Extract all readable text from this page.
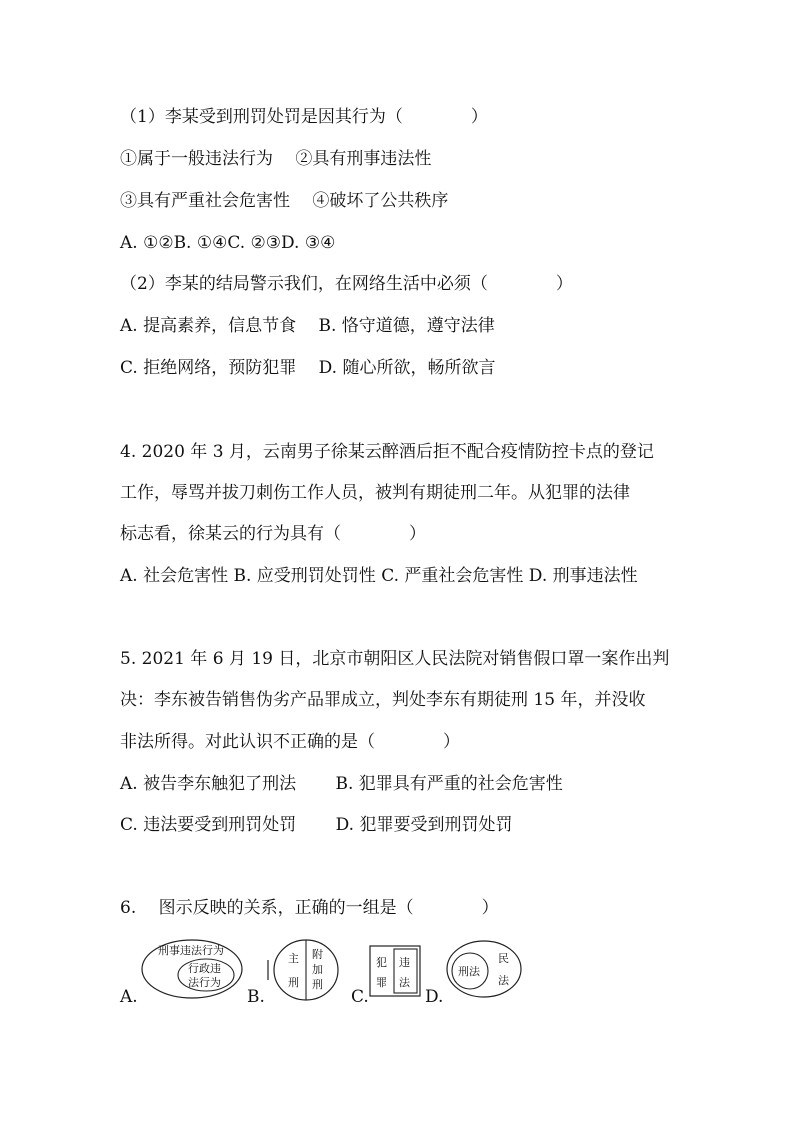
（1）李某受到刑罚处罚是因其行为（　　　　）
①属于一般违法行为　 ②具有刑事违法性
③具有严重社会危害性　 ④破坏了公共秩序
A. ①②B. ①④C. ②③D. ③④
（2）李某的结局警示我们，在网络生活中必须（　　　　）
A. 提高素养，信息节食　 B. 恪守道德，遵守法律
C. 拒绝网络，预防犯罪　 D. 随心所欲，畅所欲言
4. 2020 年 3 月，云南男子徐某云醉酒后拒不配合疫情防控卡点的登记
工作，辱骂并拔刀刺伤工作人员，被判有期徒刑二年。从犯罪的法律
标志看，徐某云的行为具有（　　　　）
A. 社会危害性 B. 应受刑罚处罚性 C. 严重社会危害性 D. 刑事违法性
5. 2021 年 6 月 19 日，北京市朝阳区人民法院对销售假口罩一案作出判
决：李东被告销售伪劣产品罪成立，判处李东有期徒刑 15 年，并没收
非法所得。对此认识不正确的是（　　　　）
A. 被告李东触犯了刑法　 　B. 犯罪具有严重的社会危害性
C. 违法要受到刑罚处罚　 　D. 犯罪要受到刑罚处罚
6.　 图示反映的关系，正确的一组是（　　　　）
A.	B.	C.	D.
刑事违法行为
行政违
法行为
主
刑
附
加
刑
犯
罪
违
法
刑法
民
法
